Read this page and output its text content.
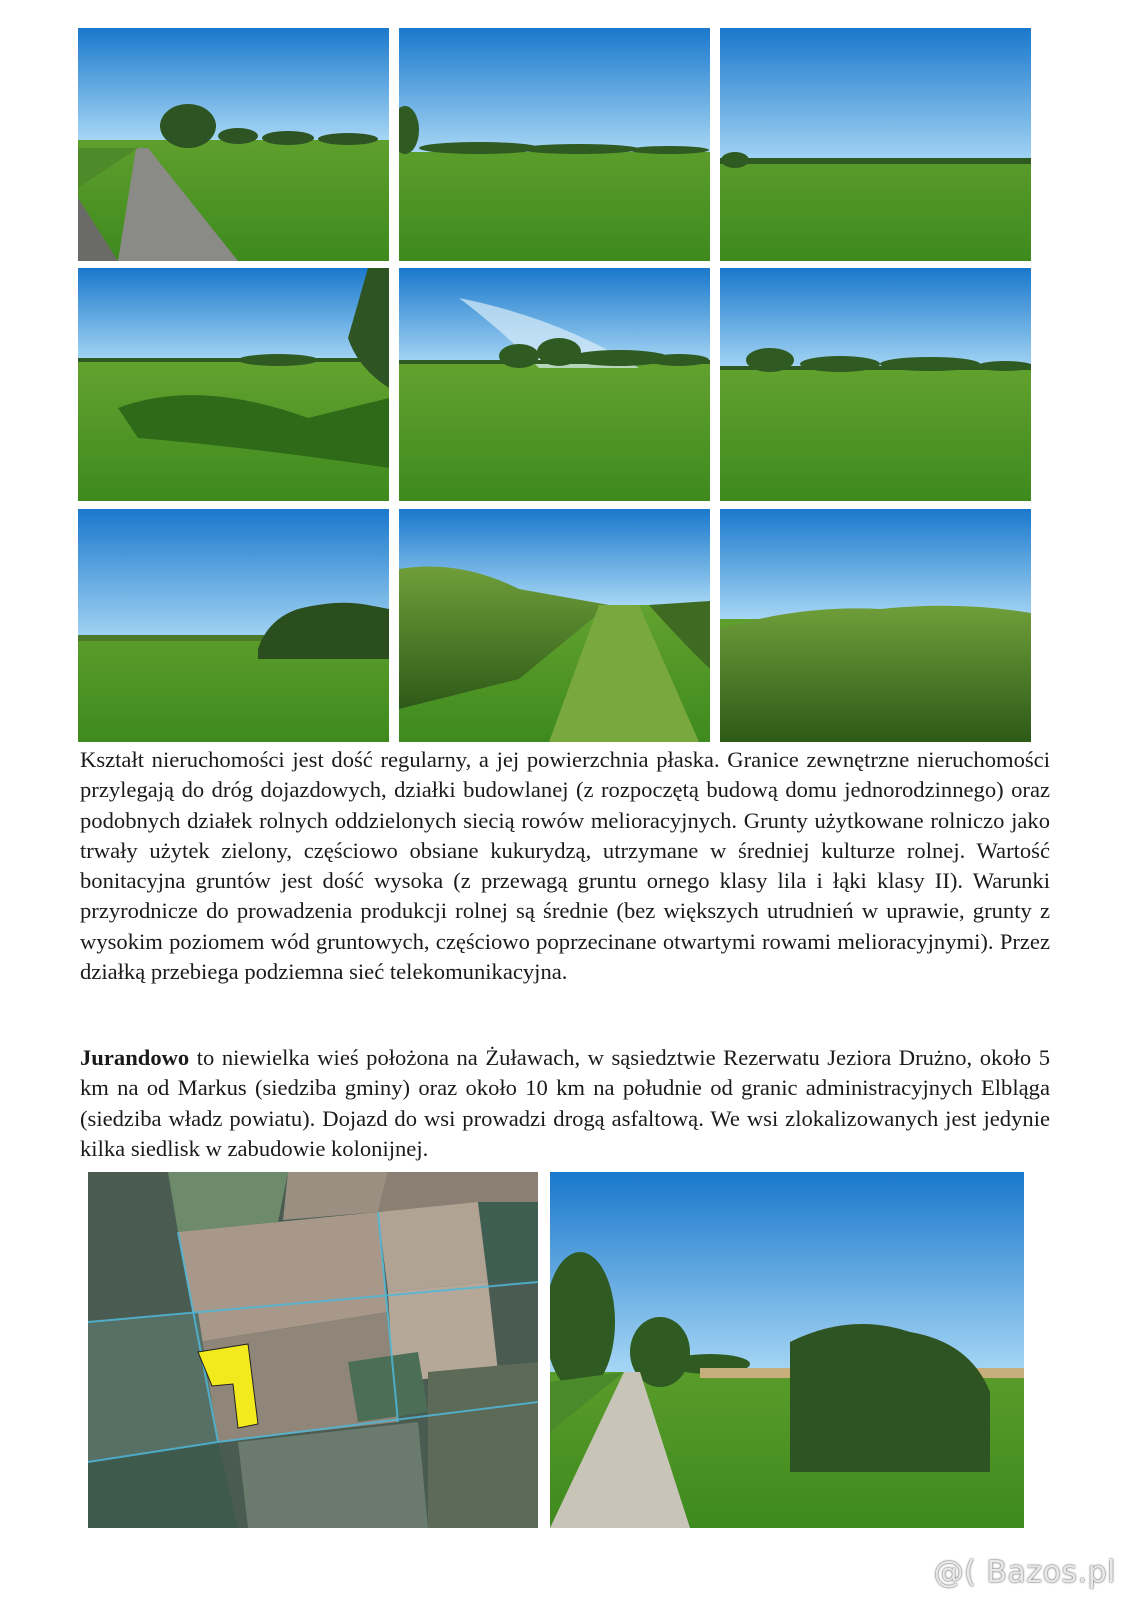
Kształt nieruchomości jest dość regularny, a jej powierzchnia płaska. Granice zewnętrzne nieruchomości przylegają do dróg dojazdowych, działki budowlanej (z rozpoczętą budową domu jednorodzinnego) oraz podobnych działek rolnych oddzielonych siecią rowów melioracyjnych. Grunty użytkowane rolniczo jako trwały użytek zielony, częściowo obsiane kukurydzą, utrzymane w średniej kulturze rolnej. Wartość bonitacyjna gruntów jest dość wysoka (z przewagą gruntu ornego klasy lila i łąki klasy II). Warunki przyrodnicze do prowadzenia produkcji rolnej są średnie (bez większych utrudnień w uprawie, grunty z wysokim poziomem wód gruntowych, częściowo poprzecinane otwartymi rowami melioracyjnymi). Przez działką przebiega podziemna sieć telekomunikacyjna.

Jurandowo to niewielka wieś położona na Żuławach, w sąsiedztwie Rezerwatu Jeziora Drużno, około 5 km na od Markus (siedziba gminy) oraz około 10 km na południe od granic administracyjnych Elbląga (siedziba władz powiatu). Dojazd do wsi prowadzi drogą asfaltową. We wsi zlokalizowanych jest jedynie kilka siedlisk w zabudowie kolonijnej.

@( Bazos.pl
